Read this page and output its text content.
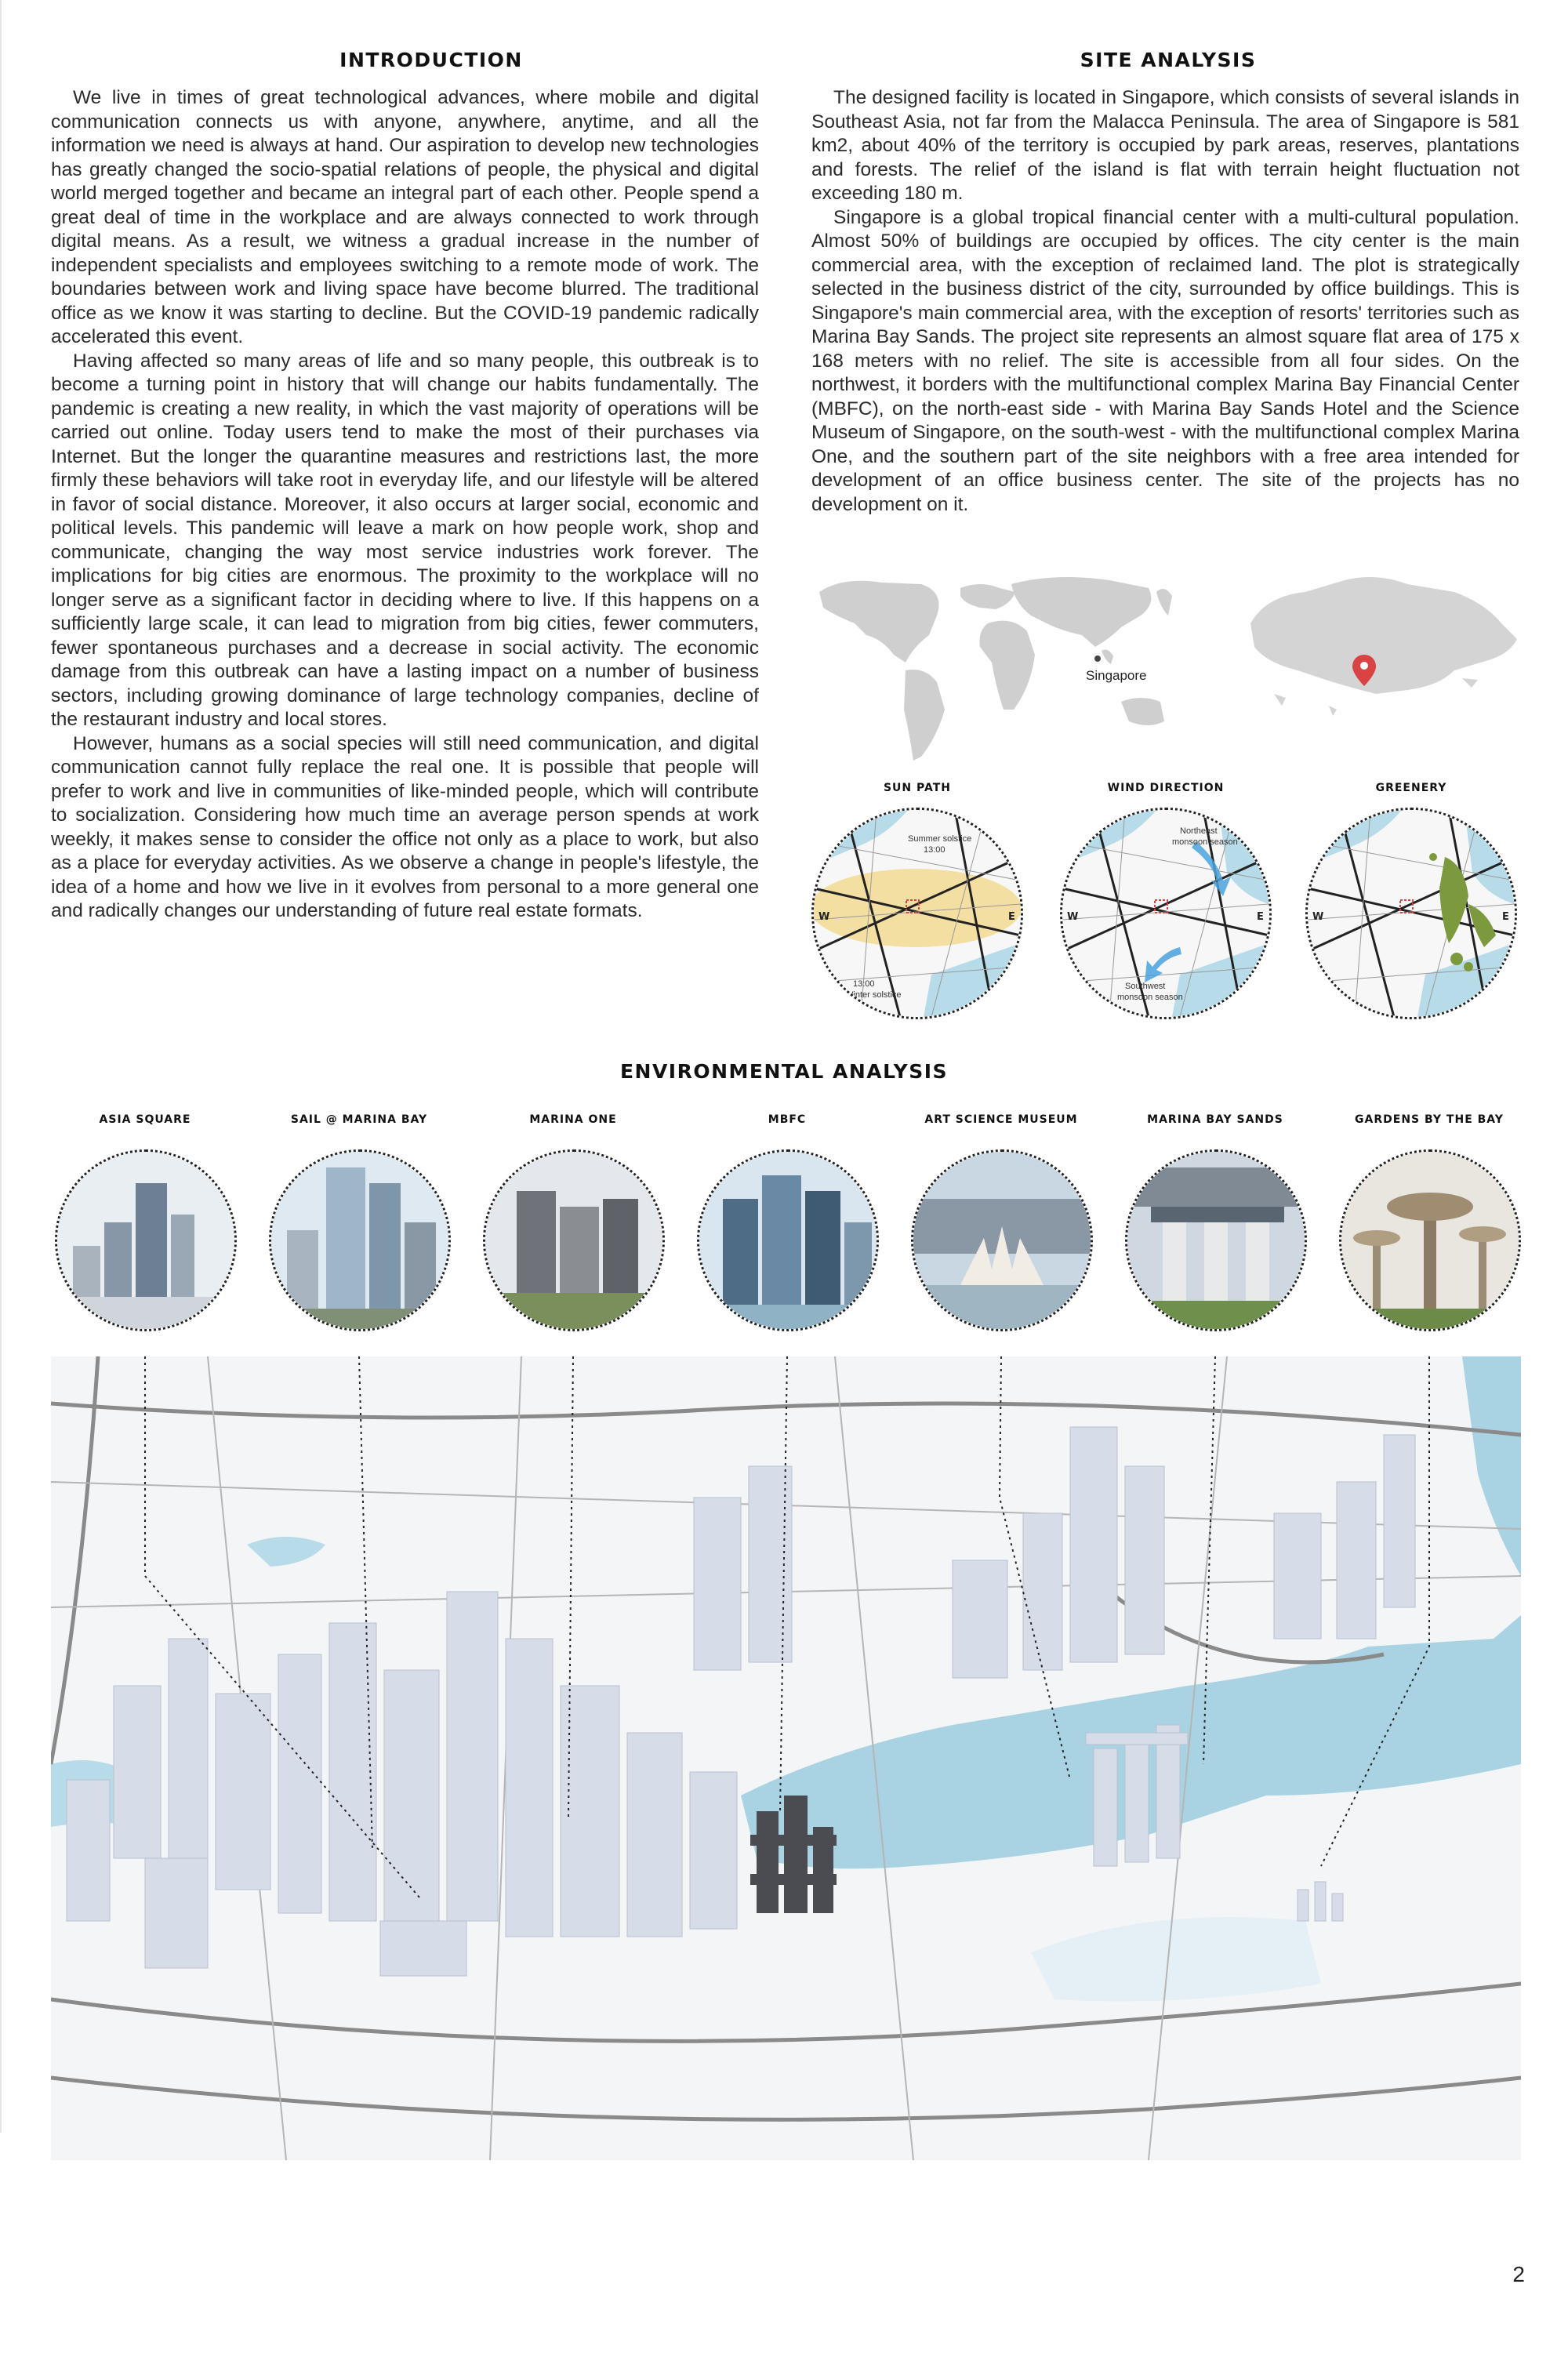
INTRODUCTION

We live in times of great technological advances, where mobile and digital communication connects us with anyone, anywhere, anytime, and all the information we need is always at hand. Our aspiration to develop new technologies has greatly changed the socio-spatial relations of people, the physical and digital world merged together and became an integral part of each other. People spend a great deal of time in the workplace and are always connected to work through digital means. As a result, we witness a gradual increase in the number of independent specialists and employees switching to a remote mode of work. The boundaries between work and living space have become blurred. The traditional office as we know it was starting to decline. But the COVID-19 pandemic radically accelerated this event.

Having affected so many areas of life and so many people, this outbreak is to become a turning point in history that will change our habits fundamentally. The pandemic is creating a new reality, in which the vast majority of operations will be carried out online. Today users tend to make the most of their purchases via Internet. But the longer the quarantine measures and restrictions last, the more firmly these behaviors will take root in everyday life, and our lifestyle will be altered in favor of social distance. Moreover, it also occurs at larger social, economic and political levels. This pandemic will leave a mark on how people work, shop and communicate, changing the way most service industries work forever. The implications for big cities are enormous. The proximity to the workplace will no longer serve as a significant factor in deciding where to live. If this happens on a sufficiently large scale, it can lead to migration from big cities, fewer commuters, fewer spontaneous purchases and a decrease in social activity. The economic damage from this outbreak can have a lasting impact on a number of business sectors, including growing dominance of large technology companies, decline of the restaurant industry and local stores.

However, humans as a social species will still need communication, and digital communication cannot fully replace the real one. It is possible that people will prefer to work and live in communities of like-minded people, which will contribute to socialization. Considering how much time an average person spends at work weekly, it makes sense to consider the office not only as a place to work, but also as a place for everyday activities. As we observe a change in people's lifestyle, the idea of a home and how we live in it evolves from personal to a more general one and radically changes our understanding of future real estate formats.

SITE ANALYSIS

The designed facility is located in Singapore, which consists of several islands in Southeast Asia, not far from the Malacca Peninsula. The area of Singapore is 581 km2, about 40% of the territory is occupied by park areas, reserves, plantations and forests. The relief of the island is flat with terrain height fluctuation not exceeding 180 m.

Singapore is a global tropical financial center with a multi-cultural population. Almost 50% of buildings are occupied by offices. The city center is the main commercial area, with the exception of reclaimed land. The plot is strategically selected in the business district of the city, surrounded by office buildings. This is Singapore's main commercial area, with the exception of resorts' territories such as Marina Bay Sands. The project site represents an almost square flat area of 175 x 168 meters with no relief. The site is accessible from all four sides. On the northwest, it borders with the multifunctional complex Marina Bay Financial Center (MBFC), on the north-east side - with Marina Bay Sands Hotel and the Science Museum of Singapore, on the south-west - with the multifunctional complex Marina One, and the southern part of the site neighbors with a free area intended for development of an office business center. The site of the projects has no development on it.

Singapore
SUN PATH	WIND DIRECTION	GREENERY
Summer solstice
13:00
13:00
Winter solstice
W	E
Northeast
monsoon season
Southwest
monsoon season
W	E	W	E
ENVIRONMENTAL ANALYSIS
ASIA SQUARE	SAIL @ MARINA BAY	MARINA ONE	MBFC	ART SCIENCE MUSEUM	MARINA BAY SANDS	GARDENS BY THE BAY
2
